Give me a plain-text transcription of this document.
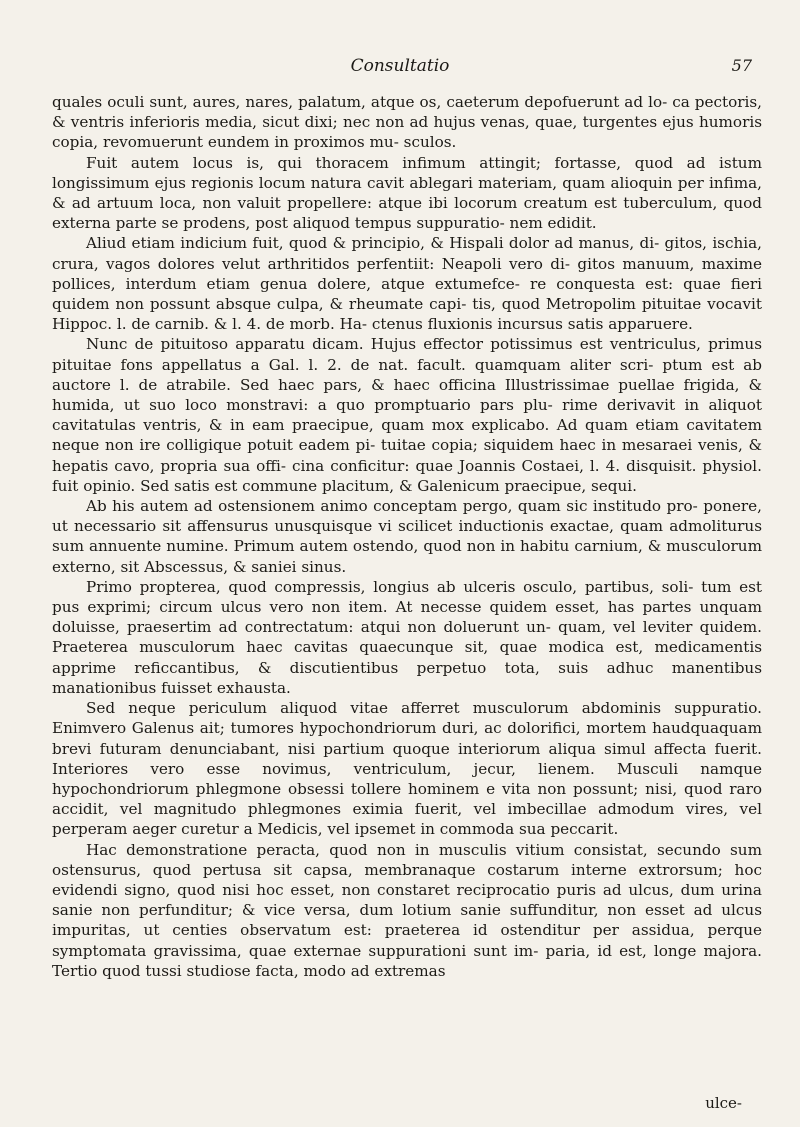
Consultatio	57

quales oculi sunt, aures, nares, palatum, atque os, caeterum depofuerunt ad lo- ca pectoris, & ventris inferioris media, sicut dixi; nec non ad hujus venas, quae, turgentes ejus humoris copia, revomuerunt eundem in proximos mu- sculos.

Fuit autem locus is, qui thoracem infimum attingit; fortasse, quod ad istum longissimum ejus regionis locum natura cavit ablegari materiam, quam alioquin per infima, & ad artuum loca, non valuit propellere: atque ibi locorum creatum est tuberculum, quod externa parte se prodens, post aliquod tempus suppuratio- nem edidit.

Aliud etiam indicium fuit, quod & principio, & Hispali dolor ad manus, di- gitos, ischia, crura, vagos dolores velut arthritidos perfentiit: Neapoli vero di- gitos manuum, maxime pollices, interdum etiam genua dolere, atque extumefce- re conquesta est: quae fieri quidem non possunt absque culpa, & rheumate capi- tis, quod Metropolim pituitae vocavit Hippoc. l. de carnib. & l. 4. de morb. Ha- ctenus fluxionis incursus satis apparuere.

Nunc de pituitoso apparatu dicam. Hujus effector potissimus est ventriculus, primus pituitae fons appellatus a Gal. l. 2. de nat. facult. quamquam aliter scri- ptum est ab auctore l. de atrabile. Sed haec pars, & haec officina Illustrissimae puellae frigida, & humida, ut suo loco monstravi: a quo promptuario pars plu- rime derivavit in aliquot cavitatulas ventris, & in eam praecipue, quam mox explicabo. Ad quam etiam cavitatem neque non ire colligique potuit eadem pi- tuitae copia; siquidem haec in mesaraei venis, & hepatis cavo, propria sua offi- cina conficitur: quae Joannis Costaei, l. 4. disquisit. physiol. fuit opinio. Sed satis est commune placitum, & Galenicum praecipue, sequi.

Ab his autem ad ostensionem animo conceptam pergo, quam sic institudo pro- ponere, ut necessario sit affensurus unusquisque vi scilicet inductionis exactae, quam admoliturus sum annuente numine. Primum autem ostendo, quod non in habitu carnium, & musculorum externo, sit Abscessus, & saniei sinus.

Primo propterea, quod compressis, longius ab ulceris osculo, partibus, soli- tum est pus exprimi; circum ulcus vero non item. At necesse quidem esset, has partes unquam doluisse, praesertim ad contrectatum: atqui non doluerunt un- quam, vel leviter quidem. Praeterea musculorum haec cavitas quaecunque sit, quae modica est, medicamentis apprime reficcantibus, & discutientibus perpetuo tota, suis adhuc manentibus manationibus fuisset exhausta.

Sed neque periculum aliquod vitae afferret musculorum abdominis suppuratio. Enimvero Galenus ait; tumores hypochondriorum duri, ac dolorifici, mortem haudquaquam brevi futuram denunciabant, nisi partium quoque interiorum aliqua simul affecta fuerit. Interiores vero esse novimus, ventriculum, jecur, lienem. Musculi namque hypochondriorum phlegmone obsessi tollere hominem e vita non possunt; nisi, quod raro accidit, vel magnitudo phlegmones eximia fuerit, vel imbecillae admodum vires, vel perperam aeger curetur a Medicis, vel ipsemet in commoda sua peccarit.

Hac demonstratione peracta, quod non in musculis vitium consistat, secundo sum ostensurus, quod pertusa sit capsa, membranaque costarum interne extrorsum; hoc evidendi signo, quod nisi hoc esset, non constaret reciprocatio puris ad ulcus, dum urina sanie non perfunditur; & vice versa, dum lotium sanie suffunditur, non esset ad ulcus impuritas, ut centies observatum est: praeterea id ostenditur per assidua, perque symptomata gravissima, quae externae suppurationi sunt im- paria, id est, longe majora. Tertio quod tussi studiose facta, modo ad extremas

ulce-
